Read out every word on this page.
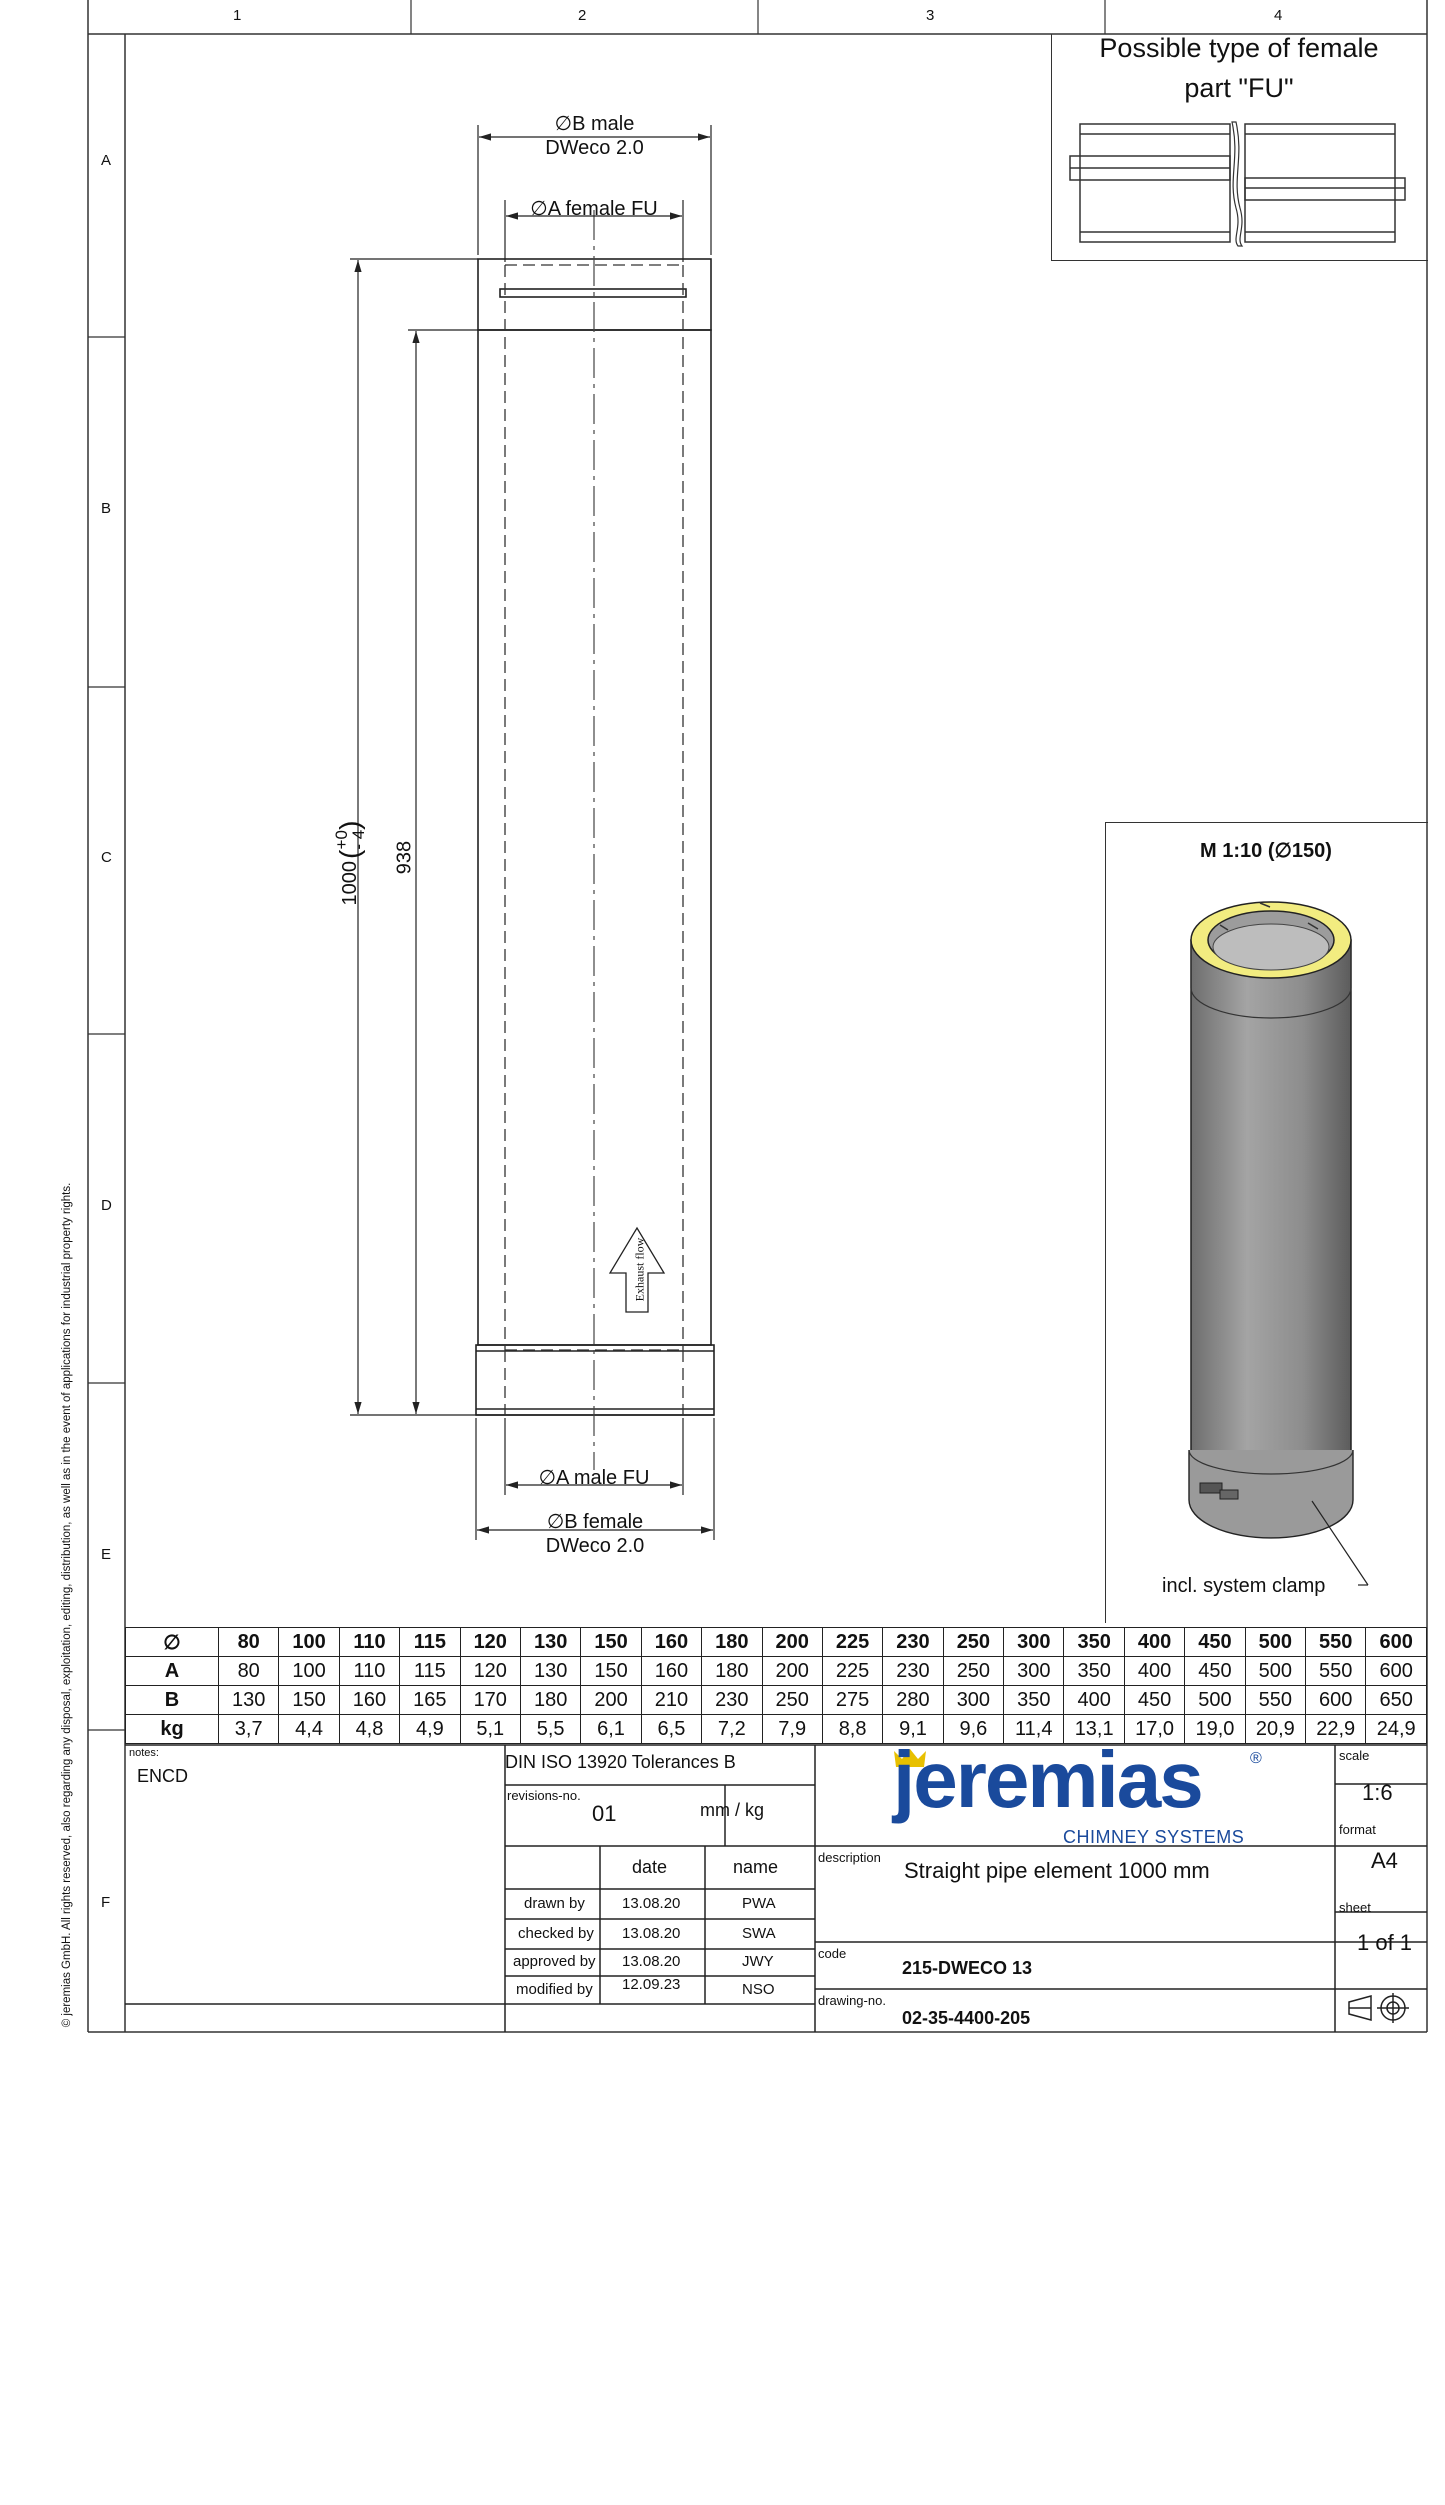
1	2	3	4
A
B
C
D
E
F
© jeremias GmbH. All rights reserved, also regarding any disposal, exploitation, editing, distribution, as well as in the event of applications for industrial property rights.
Possible type of female
part "FU"
∅B male
DWeco 2.0
∅A female FU
∅A male FU
∅B female
DWeco 2.0
1000
(
+0
- 4
)
938
Exhaust flow
M 1:10 (∅150)
incl. system clamp
∅	80	100	110	115	120	130	150	160	180	200	225	230	250	300	350	400	450	500	550	600
A	80	100	110	115	120	130	150	160	180	200	225	230	250	300	350	400	450	500	550	600
B	130	150	160	165	170	180	200	210	230	250	275	280	300	350	400	450	500	550	600	650
kg	3,7	4,4	4,8	4,9	5,1	5,5	6,1	6,5	7,2	7,9	8,8	9,1	9,6	11,4	13,1	17,0	19,0	20,9	22,9	24,9
notes:
ENCD
DIN ISO 13920 Tolerances B
revisions-no.
01	mm / kg
date	name
drawn by 13.08.20	PWA
checked by 13.08.20	SWA
approved by 13.08.20	JWY
modified by 12.09.23	NSO
jeremias	®
CHIMNEY SYSTEMS
description
Straight pipe element 1000 mm
code
215-DWECO 13
drawing-no.
02-35-4400-205
scale
1:6
format
A4
sheet
1 of 1
